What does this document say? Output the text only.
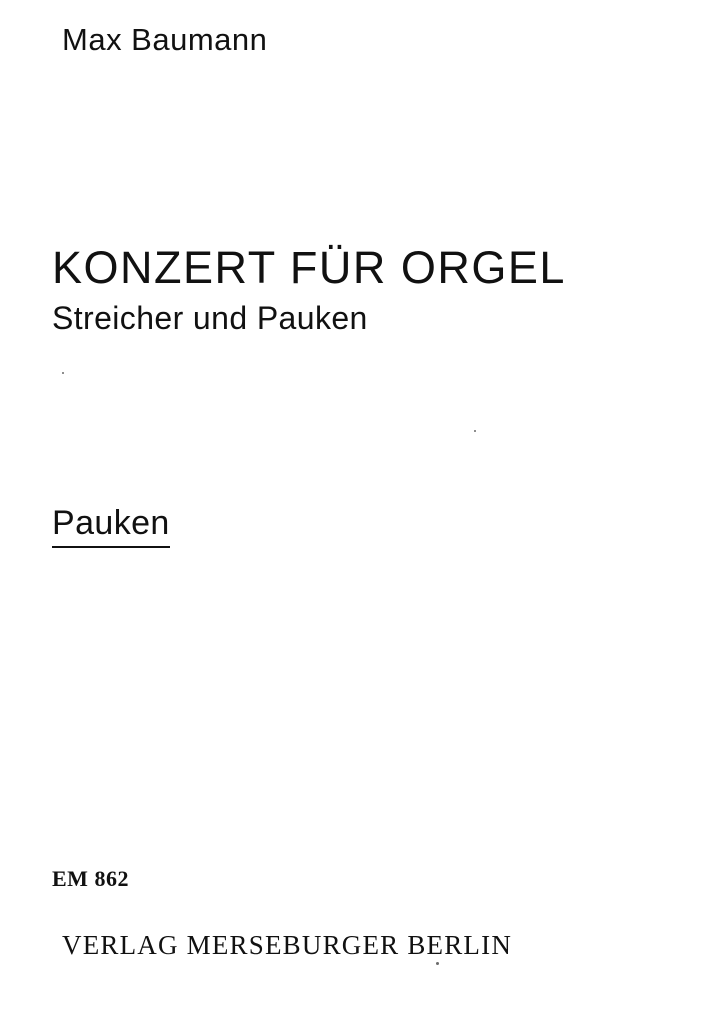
Max Baumann
KONZERT FÜR ORGEL
Streicher und Pauken
Pauken
EM 862
VERLAG MERSEBURGER BERLIN
